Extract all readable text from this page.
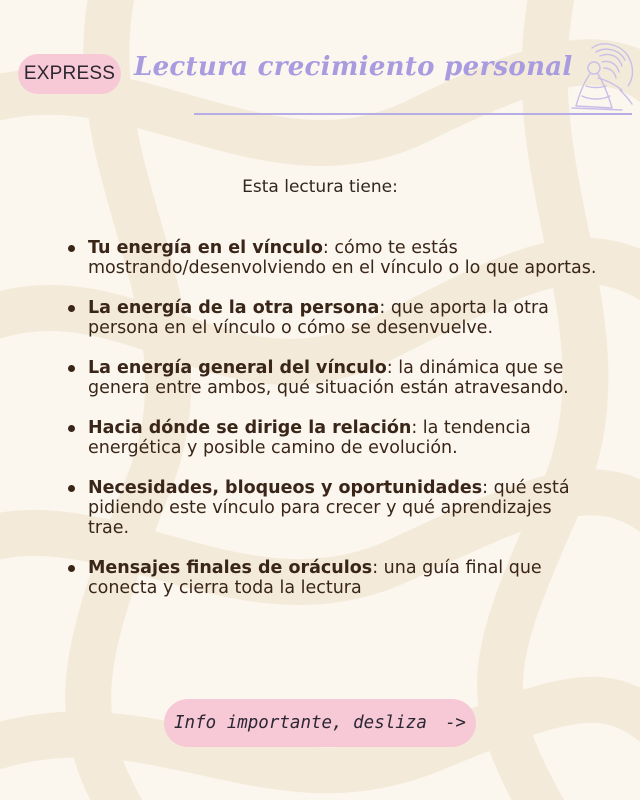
EXPRESS Lectura crecimiento personal
Esta lectura tiene:
Tu energía en el vínculo: cómo te estás mostrando/desenvolviendo en el vínculo o lo que aportas.
La energía de la otra persona: que aporta la otra persona en el vínculo o cómo se desenvuelve.
La energía general del vínculo: la dinámica que se genera entre ambos, qué situación están atravesando.
Hacia dónde se dirige la relación: la tendencia energética y posible camino de evolución.
Necesidades, bloqueos y oportunidades: qué está pidiendo este vínculo para crecer y qué aprendizajes trae.
Mensajes finales de oráculos: una guía final que conecta y cierra toda la lectura
Info importante, desliza ->
